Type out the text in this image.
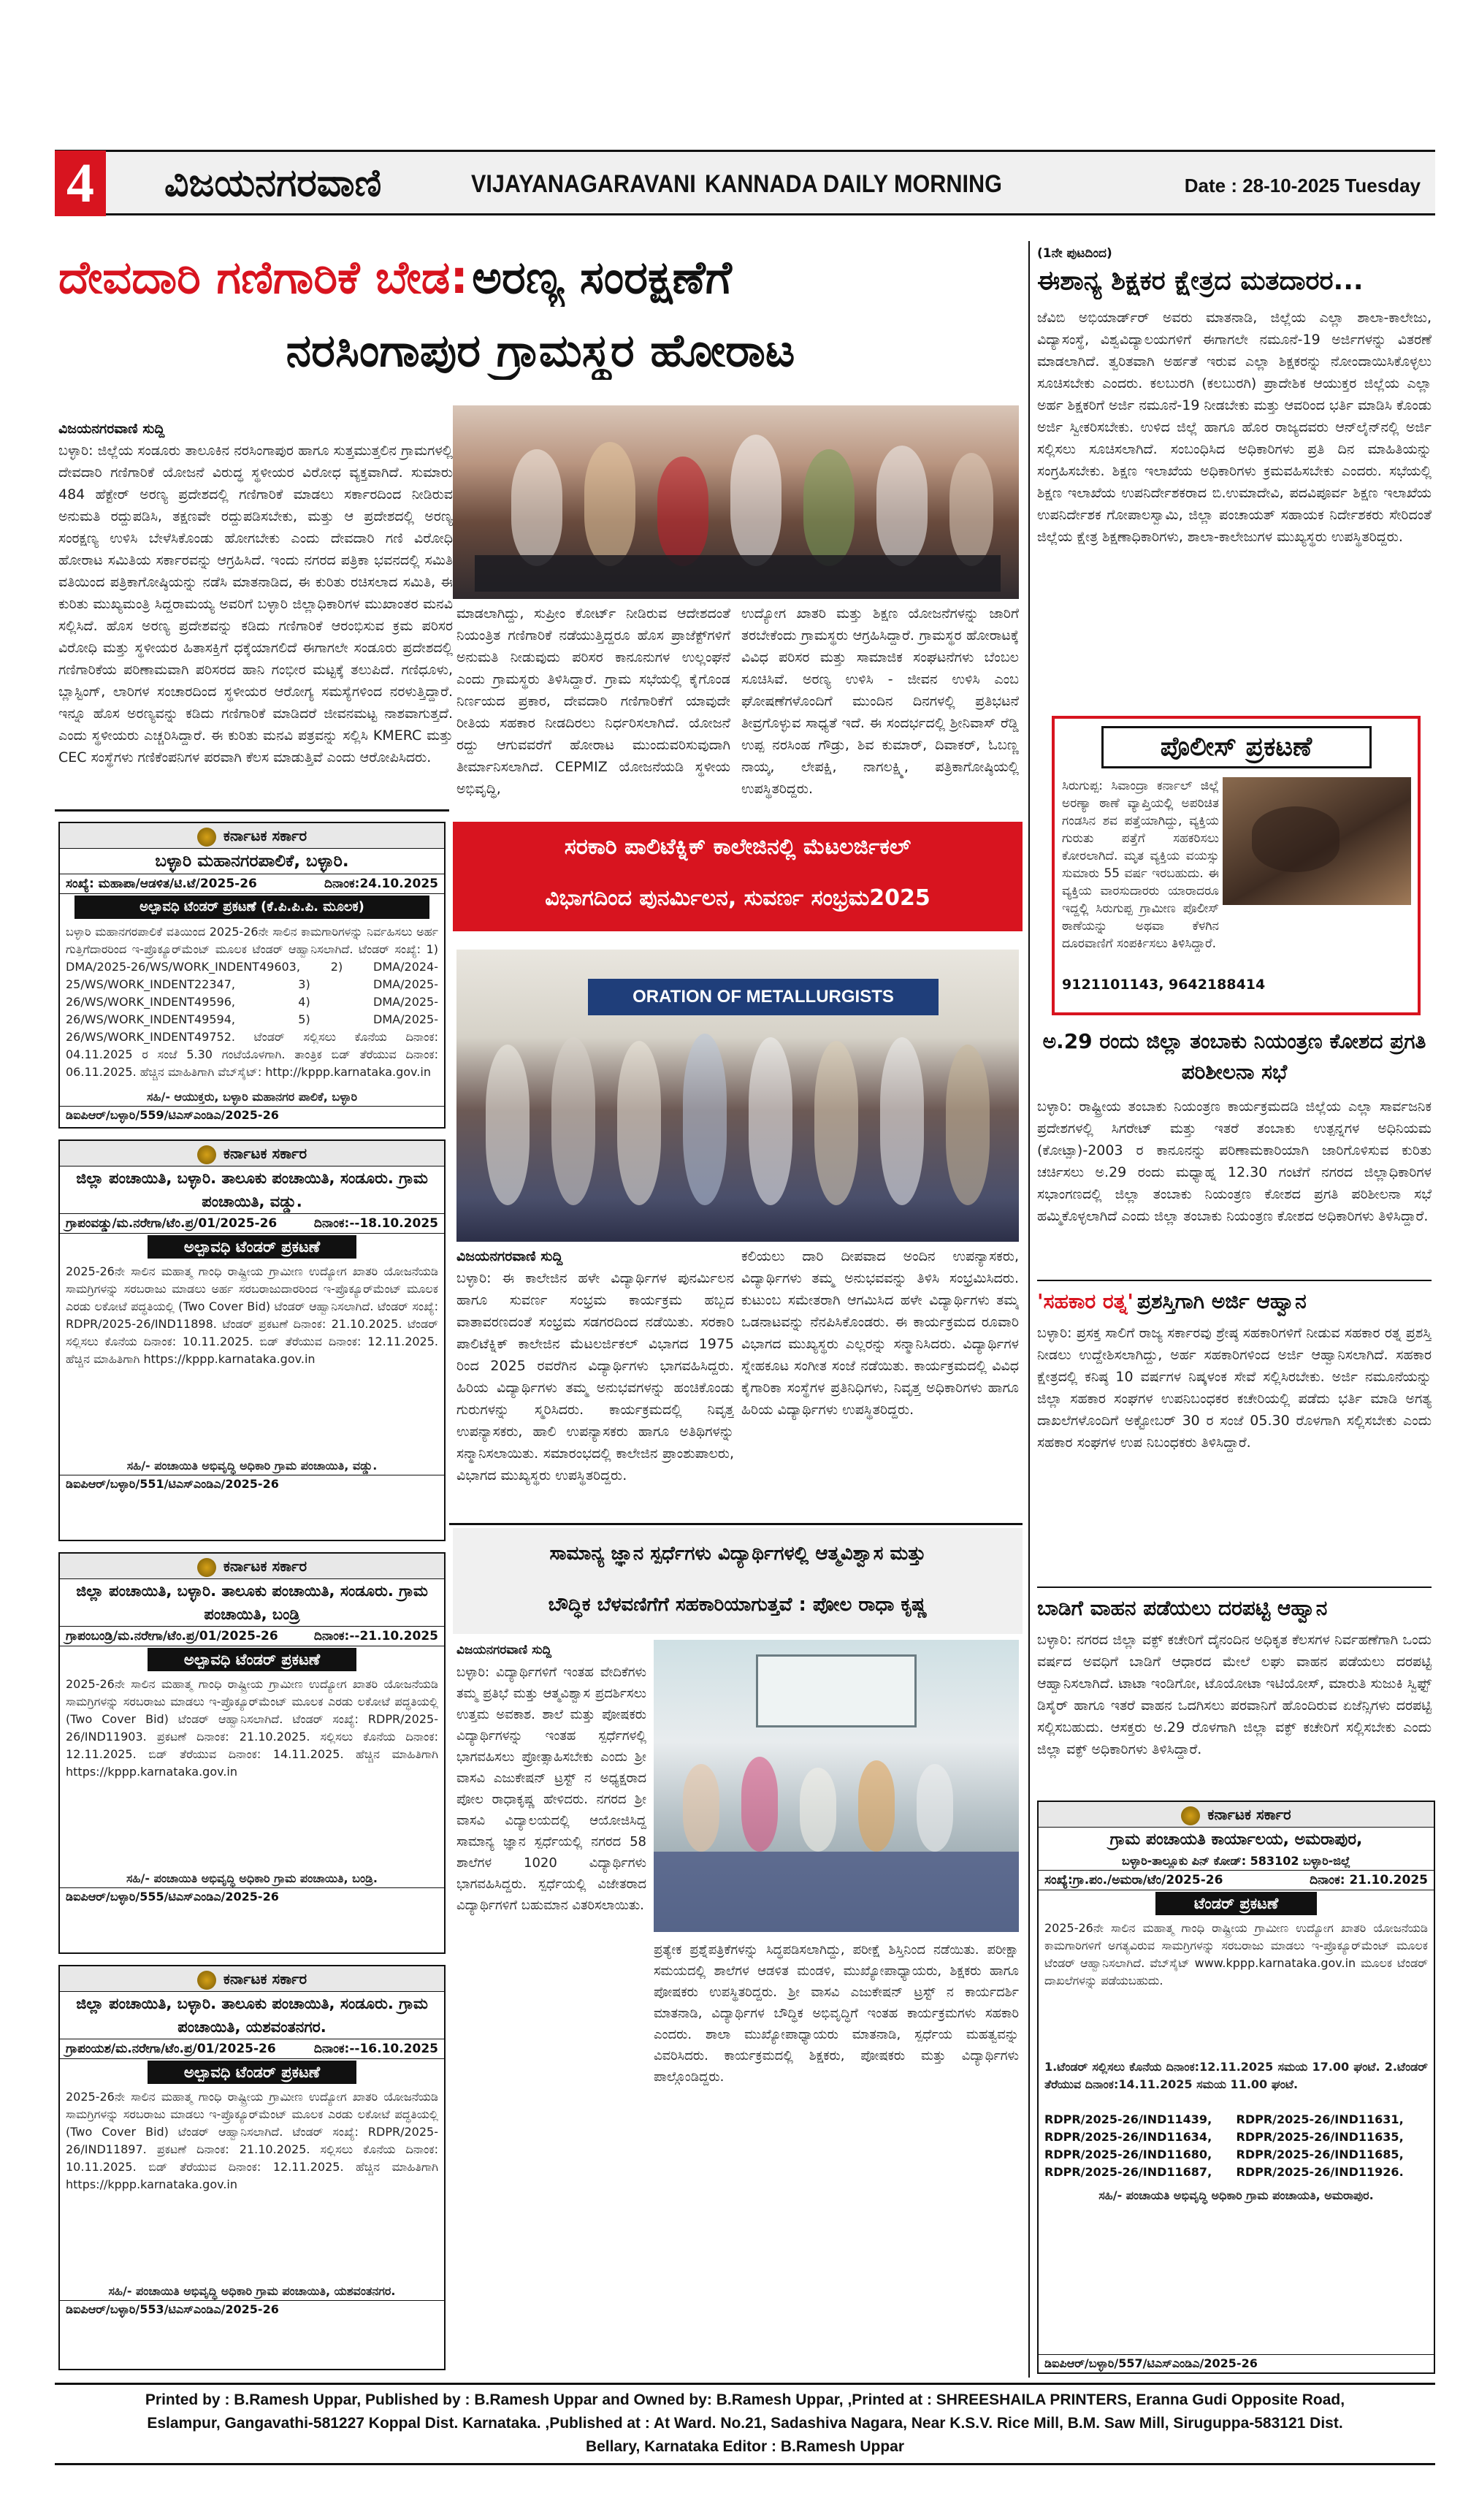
4	ವಿಜಯನಗರವಾಣಿ	VIJAYANAGARAVANI KANNADA DAILY MORNING	Date : 28-10-2025 Tuesday
ದೇವದಾರಿ ಗಣಿಗಾರಿಕೆ ಬೇಡ: ಅರಣ್ಯ ಸಂರಕ್ಷಣೆಗೆ
ನರಸಿಂಗಾಪುರ ಗ್ರಾಮಸ್ಥರ ಹೋರಾಟ
ವಿಜಯನಗರವಾಣಿ ಸುದ್ದಿ
ಬಳ್ಳಾರಿ: ಜಿಲ್ಲೆಯ ಸಂಡೂರು ತಾಲೂಕಿನ ನರಸಿಂಗಾಪುರ ಹಾಗೂ ಸುತ್ತಮುತ್ತಲಿನ ಗ್ರಾಮಗಳಲ್ಲಿ ದೇವದಾರಿ ಗಣಿಗಾರಿಕೆ ಯೋಜನೆ ವಿರುದ್ಧ ಸ್ಥಳೀಯರ ವಿರೋಧ ವ್ಯಕ್ತವಾಗಿದೆ. ಸುಮಾರು 484 ಹೆಕ್ಟೇರ್ ಅರಣ್ಯ ಪ್ರದೇಶದಲ್ಲಿ ಗಣಿಗಾರಿಕೆ ಮಾಡಲು ಸರ್ಕಾರದಿಂದ ನೀಡಿರುವ ಅನುಮತಿ ರದ್ದುಪಡಿಸಿ, ತಕ್ಷಣವೇ ರದ್ದುಪಡಿಸಬೇಕು, ಮತ್ತು ಆ ಪ್ರದೇಶದಲ್ಲಿ ಅರಣ್ಯ ಸಂರಕ್ಷಣ್ಯ ಉಳಿಸಿ ಬೇಳೆಸಿಕೊಂಡು ಹೋಗಬೇಕು ಎಂದು ದೇವದಾರಿ ಗಣಿ ವಿರೋಧಿ ಹೋರಾಟ ಸಮಿತಿಯ ಸರ್ಕಾರವನ್ನು ಆಗ್ರಹಿಸಿದೆ. ಇಂದು ನಗರದ ಪತ್ರಿಕಾ ಭವನದಲ್ಲಿ ಸಮಿತಿ ವತಿಯಿಂದ ಪತ್ರಿಕಾಗೋಷ್ಠಿಯನ್ನು ನಡೆಸಿ ಮಾತನಾಡಿದ, ಈ ಕುರಿತು ರಚಿಸಲಾದ ಸಮಿತಿ, ಈ ಕುರಿತು ಮುಖ್ಯಮಂತ್ರಿ ಸಿದ್ದರಾಮಯ್ಯ ಅವರಿಗೆ ಬಳ್ಳಾರಿ ಜಿಲ್ಲಾಧಿಕಾರಿಗಳ ಮುಖಾಂತರ ಮನವಿ ಸಲ್ಲಿಸಿದೆ. ಹೊಸ ಅರಣ್ಯ ಪ್ರದೇಶವನ್ನು ಕಡಿದು ಗಣಿಗಾರಿಕೆ ಆರಂಭಿಸುವ ಕ್ರಮ ಪರಿಸರ ವಿರೋಧಿ ಮತ್ತು ಸ್ಥಳೀಯರ ಹಿತಾಸಕ್ತಿಗೆ ಧಕ್ಕೆಯಾಗಲಿದೆ ಈಗಾಗಲೇ ಸಂಡೂರು ಪ್ರದೇಶದಲ್ಲಿ ಗಣಿಗಾರಿಕೆಯ ಪರಿಣಾಮವಾಗಿ ಪರಿಸರದ ಹಾನಿ ಗಂಭೀರ ಮಟ್ಟಕ್ಕೆ ತಲುಪಿದೆ. ಗಣಿಧೂಳು, ಬ್ಲಾಸ್ಟಿಂಗ್, ಲಾರಿಗಳ ಸಂಚಾರದಿಂದ ಸ್ಥಳೀಯರ ಆರೋಗ್ಯ ಸಮಸ್ಯೆಗಳಿಂದ ನರಳುತ್ತಿದ್ದಾರೆ. ಇನ್ನೂ ಹೊಸ ಅರಣ್ಯವನ್ನು ಕಡಿದು ಗಣಿಗಾರಿಕೆ ಮಾಡಿದರೆ ಜೀವನಮಟ್ಟ ನಾಶವಾಗುತ್ತದೆ. ಎಂದು ಸ್ಥಳೀಯರು ಎಚ್ಚರಿಸಿದ್ದಾರೆ. ಈ ಕುರಿತು ಮನವಿ ಪತ್ರವನ್ನು ಸಲ್ಲಿಸಿ KMERC ಮತ್ತು CEC ಸಂಸ್ಥೆಗಳು ಗಣಿಕೆಂಪನಿಗಳ ಪರವಾಗಿ ಕೆಲಸ ಮಾಡುತ್ತಿವೆ ಎಂದು ಆರೋಪಿಸಿದರು.
ಮಾಡಲಾಗಿದ್ದು, ಸುಪ್ರೀಂ ಕೋರ್ಟ್ ನೀಡಿರುವ ಆದೇಶದಂತೆ ನಿಯಂತ್ರಿತ ಗಣಿಗಾರಿಕೆ ನಡೆಯುತ್ತಿದ್ದರೂ ಹೊಸ ಪ್ರಾಜೆಕ್ಟ್‌ಗಳಿಗೆ ಅನುಮತಿ ನೀಡುವುದು ಪರಿಸರ ಕಾನೂನುಗಳ ಉಲ್ಲಂಘನೆ ಎಂದು ಗ್ರಾಮಸ್ಥರು ತಿಳಿಸಿದ್ದಾರೆ. ಗ್ರಾಮ ಸಭೆಯಲ್ಲಿ ಕೈಗೊಂಡ ನಿರ್ಣಯದ ಪ್ರಕಾರ, ದೇವದಾರಿ ಗಣಿಗಾರಿಕೆಗೆ ಯಾವುದೇ ರೀತಿಯ ಸಹಕಾರ ನೀಡದಿರಲು ನಿರ್ಧರಿಸಲಾಗಿದೆ. ಯೋಜನೆ ರದ್ದು ಆಗುವವರೆಗೆ ಹೋರಾಟ ಮುಂದುವರಿಸುವುದಾಗಿ ತೀರ್ಮಾನಿಸಲಾಗಿದೆ. CEPMIZ ಯೋಜನೆಯಡಿ ಸ್ಥಳೀಯ ಅಭಿವೃದ್ಧಿ,
ಉದ್ಯೋಗ ಖಾತರಿ ಮತ್ತು ಶಿಕ್ಷಣ ಯೋಜನೆಗಳನ್ನು ಜಾರಿಗೆ ತರಬೇಕೆಂದು ಗ್ರಾಮಸ್ಥರು ಆಗ್ರಹಿಸಿದ್ದಾರೆ. ಗ್ರಾಮಸ್ಥರ ಹೋರಾಟಕ್ಕೆ ವಿವಿಧ ಪರಿಸರ ಮತ್ತು ಸಾಮಾಜಿಕ ಸಂಘಟನೆಗಳು ಬೆಂಬಲ ಸೂಚಿಸಿವೆ. ಅರಣ್ಯ ಉಳಿಸಿ - ಜೀವನ ಉಳಿಸಿ ಎಂಬ ಘೋಷಣೆಗಳೊಂದಿಗೆ ಮುಂದಿನ ದಿನಗಳಲ್ಲಿ ಪ್ರತಿಭಟನೆ ತೀವ್ರಗೊಳ್ಳುವ ಸಾಧ್ಯತೆ ಇದೆ. ಈ ಸಂದರ್ಭದಲ್ಲಿ ಶ್ರೀನಿವಾಸ್ ರೆಡ್ಡಿ ಉಪ್ಪ ನರಸಿಂಹ ಗೌಡ್ರು, ಶಿವ ಕುಮಾರ್, ದಿವಾಕರ್, ಓಬಣ್ಣ ನಾಯ್ಕ, ಲೇಪಕ್ಷಿ, ನಾಗಲಕ್ಷ್ಮಿ, ಪತ್ರಿಕಾಗೋಷ್ಠಿಯಲ್ಲಿ ಉಪಸ್ಥಿತರಿದ್ದರು.
(1ನೇ ಪುಟದಿಂದ)
ಈಶಾನ್ಯ ಶಿಕ್ಷಕರ ಕ್ಷೇತ್ರದ ಮತದಾರರ...
ಜೆವಿಬಿ ಅಭಿಯಾರ್ಡ್‌ರ್ ಅವರು ಮಾತನಾಡಿ, ಜಿಲ್ಲೆಯ ಎಲ್ಲಾ ಶಾಲಾ-ಕಾಲೇಜು, ವಿದ್ಯಾಸಂಸ್ಥೆ, ವಿಶ್ವವಿದ್ಯಾಲಯಗಳಿಗೆ ಈಗಾಗಲೇ ನಮೂನೆ-19 ಅರ್ಜಿಗಳನ್ನು ವಿತರಣೆ ಮಾಡಲಾಗಿದೆ. ತ್ವರಿತವಾಗಿ ಅರ್ಹತೆ ಇರುವ ಎಲ್ಲಾ ಶಿಕ್ಷಕರನ್ನು ನೋಂದಾಯಿಸಿಕೊಳ್ಳಲು ಸೂಚಿಸಬೇಕು ಎಂದರು. ಕಲಬುರಗಿ (ಕಲಬುರಗಿ) ಪ್ರಾದೇಶಿಕ ಆಯುಕ್ತರ ಜಿಲ್ಲೆಯ ಎಲ್ಲಾ ಅರ್ಹ ಶಿಕ್ಷಕರಿಗೆ ಅರ್ಜಿ ನಮೂನೆ-19 ನೀಡಬೇಕು ಮತ್ತು ಆವರಿಂದ ಭರ್ತಿ ಮಾಡಿಸಿ ಕೊಂಡು ಅರ್ಜಿ ಸ್ವೀಕರಿಸಬೇಕು. ಉಳಿದ ಜಿಲ್ಲೆ ಹಾಗೂ ಹೊರ ರಾಜ್ಯದವರು ಆನ್‌ಲೈನ್‌ನಲ್ಲಿ ಅರ್ಜಿ ಸಲ್ಲಿಸಲು ಸೂಚಿಸಲಾಗಿದೆ. ಸಂಬಂಧಿಸಿದ ಅಧಿಕಾರಿಗಳು ಪ್ರತಿ ದಿನ ಮಾಹಿತಿಯನ್ನು ಸಂಗ್ರಹಿಸಬೇಕು. ಶಿಕ್ಷಣ ಇಲಾಖೆಯ ಅಧಿಕಾರಿಗಳು ಕ್ರಮವಹಿಸಬೇಕು ಎಂದರು. ಸಭೆಯಲ್ಲಿ ಶಿಕ್ಷಣ ಇಲಾಖೆಯ ಉಪನಿರ್ದೇಶಕರಾದ ಬಿ.ಉಮಾದೇವಿ, ಪದವಿಪೂರ್ವ ಶಿಕ್ಷಣ ಇಲಾಖೆಯ ಉಪನಿರ್ದೇಶಕ ಗೋಪಾಲಸ್ವಾಮಿ, ಜಿಲ್ಲಾ ಪಂಚಾಯತ್ ಸಹಾಯಕ ನಿರ್ದೇಶಕರು ಸೇರಿದಂತೆ ಜಿಲ್ಲೆಯ ಕ್ಷೇತ್ರ ಶಿಕ್ಷಣಾಧಿಕಾರಿಗಳು, ಶಾಲಾ-ಕಾಲೇಜುಗಳ ಮುಖ್ಯಸ್ಥರು ಉಪಸ್ಥಿತರಿದ್ದರು.
ಪೊಲೀಸ್ ಪ್ರಕಟಣೆ
ಸಿರುಗುಪ್ಪ: ಸಿವಾಂದ್ರಾ ಕರ್ನಾಲ್ ಜಿಲ್ಲೆ ಅರಣ್ಯಾ ಠಾಣೆ ವ್ಯಾಪ್ತಿಯಲ್ಲಿ ಅಪರಿಚಿತ ಗಂಡಸಿನ ಶವ ಪತ್ತೆಯಾಗಿದ್ದು, ವ್ಯಕ್ತಿಯ ಗುರುತು ಪತ್ತೆಗೆ ಸಹಕರಿಸಲು ಕೋರಲಾಗಿದೆ. ಮೃತ ವ್ಯಕ್ತಿಯ ವಯಸ್ಸು ಸುಮಾರು 55 ವರ್ಷ ಇರಬಹುದು. ಈ ವ್ಯಕ್ತಿಯ ವಾರಸುದಾರರು ಯಾರಾದರೂ ಇದ್ದಲ್ಲಿ ಸಿರುಗುಪ್ಪ ಗ್ರಾಮೀಣ ಪೊಲೀಸ್ ಠಾಣೆಯನ್ನು ಅಥವಾ ಕೆಳಗಿನ ದೂರವಾಣಿಗೆ ಸಂಪರ್ಕಿಸಲು ತಿಳಿಸಿದ್ದಾರೆ.
9121101143, 9642188414
ಅ.29 ರಂದು ಜಿಲ್ಲಾ ತಂಬಾಕು ನಿಯಂತ್ರಣ ಕೋಶದ ಪ್ರಗತಿ ಪರಿಶೀಲನಾ ಸಭೆ
ಬಳ್ಳಾರಿ: ರಾಷ್ಟ್ರೀಯ ತಂಬಾಕು ನಿಯಂತ್ರಣ ಕಾರ್ಯಕ್ರಮದಡಿ ಜಿಲ್ಲೆಯ ಎಲ್ಲಾ ಸಾರ್ವಜನಿಕ ಪ್ರದೇಶಗಳಲ್ಲಿ ಸಿಗರೇಟ್ ಮತ್ತು ಇತರೆ ತಂಬಾಕು ಉತ್ಪನ್ನಗಳ ಅಧಿನಿಯಮ (ಕೋಟ್ಪಾ)-2003 ರ ಕಾನೂನನ್ನು ಪರಿಣಾಮಕಾರಿಯಾಗಿ ಜಾರಿಗೊಳಿಸುವ ಕುರಿತು ಚರ್ಚಿಸಲು ಅ.29 ರಂದು ಮಧ್ಯಾಹ್ನ 12.30 ಗಂಟೆಗೆ ನಗರದ ಜಿಲ್ಲಾಧಿಕಾರಿಗಳ ಸಭಾಂಗಣದಲ್ಲಿ ಜಿಲ್ಲಾ ತಂಬಾಕು ನಿಯಂತ್ರಣ ಕೋಶದ ಪ್ರಗತಿ ಪರಿಶೀಲನಾ ಸಭೆ ಹಮ್ಮಿಕೊಳ್ಳಲಾಗಿದೆ ಎಂದು ಜಿಲ್ಲಾ ತಂಬಾಕು ನಿಯಂತ್ರಣ ಕೋಶದ ಅಧಿಕಾರಿಗಳು ತಿಳಿಸಿದ್ದಾರೆ.
'ಸಹಕಾರ ರತ್ನ' ಪ್ರಶಸ್ತಿಗಾಗಿ ಅರ್ಜಿ ಆಹ್ವಾನ
ಬಳ್ಳಾರಿ: ಪ್ರಸಕ್ತ ಸಾಲಿಗೆ ರಾಜ್ಯ ಸರ್ಕಾರವು ಶ್ರೇಷ್ಠ ಸಹಕಾರಿಗಳಿಗೆ ನೀಡುವ ಸಹಕಾರ ರತ್ನ ಪ್ರಶಸ್ತಿ ನೀಡಲು ಉದ್ದೇಶಿಸಲಾಗಿದ್ದು, ಅರ್ಹ ಸಹಕಾರಿಗಳಿಂದ ಅರ್ಜಿ ಆಹ್ವಾನಿಸಲಾಗಿದೆ. ಸಹಕಾರ ಕ್ಷೇತ್ರದಲ್ಲಿ ಕನಿಷ್ಠ 10 ವರ್ಷಗಳ ನಿಷ್ಕಳಂಕ ಸೇವೆ ಸಲ್ಲಿಸಿರಬೇಕು. ಅರ್ಜಿ ನಮೂನೆಯನ್ನು ಜಿಲ್ಲಾ ಸಹಕಾರ ಸಂಘಗಳ ಉಪನಿಬಂಧಕರ ಕಚೇರಿಯಲ್ಲಿ ಪಡೆದು ಭರ್ತಿ ಮಾಡಿ ಅಗತ್ಯ ದಾಖಲೆಗಳೊಂದಿಗೆ ಅಕ್ಟೋಬರ್ 30 ರ ಸಂಜೆ 05.30 ರೊಳಗಾಗಿ ಸಲ್ಲಿಸಬೇಕು ಎಂದು ಸಹಕಾರ ಸಂಘಗಳ ಉಪ ನಿಬಂಧಕರು ತಿಳಿಸಿದ್ದಾರೆ.
ಬಾಡಿಗೆ ವಾಹನ ಪಡೆಯಲು ದರಪಟ್ಟಿ ಆಹ್ವಾನ
ಬಳ್ಳಾರಿ: ನಗರದ ಜಿಲ್ಲಾ ವಕ್ಫ್ ಕಚೇರಿಗೆ ದೈನಂದಿನ ಅಧಿಕೃತ ಕೆಲಸಗಳ ನಿರ್ವಹಣೆಗಾಗಿ ಒಂದು ವರ್ಷದ ಅವಧಿಗೆ ಬಾಡಿಗೆ ಆಧಾರದ ಮೇಲೆ ಲಘು ವಾಹನ ಪಡೆಯಲು ದರಪಟ್ಟಿ ಆಹ್ವಾನಿಸಲಾಗಿದೆ. ಟಾಟಾ ಇಂಡಿಗೋ, ಟೊಯೋಟಾ ಇಟಿಯೋಸ್, ಮಾರುತಿ ಸುಜುಕಿ ಸ್ವಿಫ್ಟ್ ಡಿಸೈರ್ ಹಾಗೂ ಇತರೆ ವಾಹನ ಒದಗಿಸಲು ಪರವಾನಿಗೆ ಹೊಂದಿರುವ ಏಜೆನ್ಸಿಗಳು ದರಪಟ್ಟಿ ಸಲ್ಲಿಸಬಹುದು. ಆಸಕ್ತರು ಅ.29 ರೊಳಗಾಗಿ ಜಿಲ್ಲಾ ವಕ್ಫ್ ಕಚೇರಿಗೆ ಸಲ್ಲಿಸಬೇಕು ಎಂದು ಜಿಲ್ಲಾ ವಕ್ಫ್ ಅಧಿಕಾರಿಗಳು ತಿಳಿಸಿದ್ದಾರೆ.
ಸರಕಾರಿ ಪಾಲಿಟೆಕ್ನಿಕ್ ಕಾಲೇಜಿನಲ್ಲಿ ಮೆಟಲರ್ಜಿಕಲ್
ವಿಭಾಗದಿಂದ ಪುನರ್ಮಿಲನ, ಸುವರ್ಣ ಸಂಭ್ರಮ2025
ORATION OF METALLURGISTS
ವಿಜಯನಗರವಾಣಿ ಸುದ್ದಿ
ಬಳ್ಳಾರಿ: ಈ ಕಾಲೇಜಿನ ಹಳೇ ವಿದ್ಯಾರ್ಥಿಗಳ ಪುನರ್ಮಿಲನ ಹಾಗೂ ಸುವರ್ಣ ಸಂಭ್ರಮ ಕಾರ್ಯಕ್ರಮ ಹಬ್ಬದ ವಾತಾವರಣದಂತೆ ಸಂಭ್ರಮ ಸಡಗರದಿಂದ ನಡೆಯಿತು. ಸರಕಾರಿ ಪಾಲಿಟೆಕ್ನಿಕ್ ಕಾಲೇಜಿನ ಮೆಟಲರ್ಜಿಕಲ್ ವಿಭಾಗದ 1975 ರಿಂದ 2025 ರವರೆಗಿನ ವಿದ್ಯಾರ್ಥಿಗಳು ಭಾಗವಹಿಸಿದ್ದರು. ಹಿರಿಯ ವಿದ್ಯಾರ್ಥಿಗಳು ತಮ್ಮ ಅನುಭವಗಳನ್ನು ಹಂಚಿಕೊಂಡು ಗುರುಗಳನ್ನು ಸ್ಮರಿಸಿದರು. ಕಾರ್ಯಕ್ರಮದಲ್ಲಿ ನಿವೃತ್ತ ಉಪನ್ಯಾಸಕರು, ಹಾಲಿ ಉಪನ್ಯಾಸಕರು ಹಾಗೂ ಅತಿಥಿಗಳನ್ನು ಸನ್ಮಾನಿಸಲಾಯಿತು. ಸಮಾರಂಭದಲ್ಲಿ ಕಾಲೇಜಿನ ಪ್ರಾಂಶುಪಾಲರು, ವಿಭಾಗದ ಮುಖ್ಯಸ್ಥರು ಉಪಸ್ಥಿತರಿದ್ದರು.
ಕಲಿಯಲು ದಾರಿ ದೀಪವಾದ ಅಂದಿನ ಉಪನ್ಯಾಸಕರು, ವಿದ್ಯಾರ್ಥಿಗಳು ತಮ್ಮ ಅನುಭವವನ್ನು ತಿಳಿಸಿ ಸಂಭ್ರಮಿಸಿದರು. ಕುಟುಂಬ ಸಮೇತರಾಗಿ ಆಗಮಿಸಿದ ಹಳೇ ವಿದ್ಯಾರ್ಥಿಗಳು ತಮ್ಮ ಒಡನಾಟವನ್ನು ನೆನಪಿಸಿಕೊಂಡರು. ಈ ಕಾರ್ಯಕ್ರಮದ ರೂವಾರಿ ವಿಭಾಗದ ಮುಖ್ಯಸ್ಥರು ಎಲ್ಲರನ್ನು ಸನ್ಮಾನಿಸಿದರು. ವಿದ್ಯಾರ್ಥಿಗಳ ಸ್ನೇಹಕೂಟ ಸಂಗೀತ ಸಂಜೆ ನಡೆಯಿತು. ಕಾರ್ಯಕ್ರಮದಲ್ಲಿ ವಿವಿಧ ಕೈಗಾರಿಕಾ ಸಂಸ್ಥೆಗಳ ಪ್ರತಿನಿಧಿಗಳು, ನಿವೃತ್ತ ಅಧಿಕಾರಿಗಳು ಹಾಗೂ ಹಿರಿಯ ವಿದ್ಯಾರ್ಥಿಗಳು ಉಪಸ್ಥಿತರಿದ್ದರು.
ಸಾಮಾನ್ಯ ಜ್ಞಾನ ಸ್ಪರ್ಧೆಗಳು ವಿದ್ಯಾರ್ಥಿಗಳಲ್ಲಿ ಆತ್ಮವಿಶ್ವಾಸ ಮತ್ತು
ಬೌದ್ಧಿಕ ಬೆಳವಣಿಗೆಗೆ ಸಹಕಾರಿಯಾಗುತ್ತವೆ : ಪೋಲ ರಾಧಾ ಕೃಷ್ಣ
ವಿಜಯನಗರವಾಣಿ ಸುದ್ದಿ
ಬಳ್ಳಾರಿ: ವಿದ್ಯಾರ್ಥಿಗಳಿಗೆ ಇಂತಹ ವೇದಿಕೆಗಳು ತಮ್ಮ ಪ್ರತಿಭೆ ಮತ್ತು ಆತ್ಮವಿಶ್ವಾಸ ಪ್ರದರ್ಶಿಸಲು ಉತ್ತಮ ಅವಕಾಶ. ಶಾಲೆ ಮತ್ತು ಪೋಷಕರು ವಿದ್ಯಾರ್ಥಿಗಳನ್ನು ಇಂತಹ ಸ್ಪರ್ಧೆಗಳಲ್ಲಿ ಭಾಗವಹಿಸಲು ಪ್ರೋತ್ಸಾಹಿಸಬೇಕು ಎಂದು ಶ್ರೀ ವಾಸವಿ ಎಜುಕೇಷನ್ ಟ್ರಸ್ಟ್ ನ ಅಧ್ಯಕ್ಷರಾದ ಪೋಲ ರಾಧಾಕೃಷ್ಣ ಹೇಳಿದರು. ನಗರದ ಶ್ರೀ ವಾಸವಿ ವಿದ್ಯಾಲಯದಲ್ಲಿ ಆಯೋಜಿಸಿದ್ದ ಸಾಮಾನ್ಯ ಜ್ಞಾನ ಸ್ಪರ್ಧೆಯಲ್ಲಿ ನಗರದ 58 ಶಾಲೆಗಳ 1020 ವಿದ್ಯಾರ್ಥಿಗಳು ಭಾಗವಹಿಸಿದ್ದರು. ಸ್ಪರ್ಧೆಯಲ್ಲಿ ವಿಜೇತರಾದ ವಿದ್ಯಾರ್ಥಿಗಳಿಗೆ ಬಹುಮಾನ ವಿತರಿಸಲಾಯಿತು.
ಪ್ರತ್ಯೇಕ ಪ್ರಶ್ನೆಪತ್ರಿಕೆಗಳನ್ನು ಸಿದ್ಧಪಡಿಸಲಾಗಿದ್ದು, ಪರೀಕ್ಷೆ ಶಿಸ್ತಿನಿಂದ ನಡೆಯಿತು. ಪರೀಕ್ಷಾ ಸಮಯದಲ್ಲಿ ಶಾಲೆಗಳ ಆಡಳಿತ ಮಂಡಳಿ, ಮುಖ್ಯೋಪಾಧ್ಯಾಯರು, ಶಿಕ್ಷಕರು ಹಾಗೂ ಪೋಷಕರು ಉಪಸ್ಥಿತರಿದ್ದರು. ಶ್ರೀ ವಾಸವಿ ಎಜುಕೇಷನ್ ಟ್ರಸ್ಟ್ ನ ಕಾರ್ಯದರ್ಶಿ ಮಾತನಾಡಿ, ವಿದ್ಯಾರ್ಥಿಗಳ ಬೌದ್ಧಿಕ ಅಭಿವೃದ್ಧಿಗೆ ಇಂತಹ ಕಾರ್ಯಕ್ರಮಗಳು ಸಹಕಾರಿ ಎಂದರು. ಶಾಲಾ ಮುಖ್ಯೋಪಾಧ್ಯಾಯರು ಮಾತನಾಡಿ, ಸ್ಪರ್ಧೆಯ ಮಹತ್ವವನ್ನು ವಿವರಿಸಿದರು. ಕಾರ್ಯಕ್ರಮದಲ್ಲಿ ಶಿಕ್ಷಕರು, ಪೋಷಕರು ಮತ್ತು ವಿದ್ಯಾರ್ಥಿಗಳು ಪಾಲ್ಗೊಂಡಿದ್ದರು.
ಕರ್ನಾಟಕ ಸರ್ಕಾರ
ಬಳ್ಳಾರಿ ಮಹಾನಗರಪಾಲಿಕೆ, ಬಳ್ಳಾರಿ.
ಸಂಖ್ಯೆ: ಮಹಾಪಾ/ಆಡಳಿತ/ಟಿ.ಟೆ/2025-26	ದಿನಾಂಕ:24.10.2025
ಅಲ್ಪಾವಧಿ ಟೆಂಡರ್ ಪ್ರಕಟಣೆ (ಕೆ.ಪಿ.ಪಿ.ಪಿ. ಮೂಲಕ)
ಬಳ್ಳಾರಿ ಮಹಾನಗರಪಾಲಿಕೆ ವತಿಯಿಂದ 2025-26ನೇ ಸಾಲಿನ ಕಾಮಗಾರಿಗಳನ್ನು ನಿರ್ವಹಿಸಲು ಅರ್ಹ ಗುತ್ತಿಗೆದಾರರಿಂದ ಇ-ಪ್ರೊಕ್ಯೂರ್‌ಮೆಂಟ್ ಮೂಲಕ ಟೆಂಡರ್ ಆಹ್ವಾನಿಸಲಾಗಿದೆ. ಟೆಂಡರ್ ಸಂಖ್ಯೆ: 1) DMA/2025-26/WS/WORK_INDENT49603, 2) DMA/2024-25/WS/WORK_INDENT22347, 3) DMA/2025-26/WS/WORK_INDENT49596, 4) DMA/2025-26/WS/WORK_INDENT49594, 5) DMA/2025-26/WS/WORK_INDENT49752. ಟೆಂಡರ್ ಸಲ್ಲಿಸಲು ಕೊನೆಯ ದಿನಾಂಕ: 04.11.2025 ರ ಸಂಜೆ 5.30 ಗಂಟೆಯೊಳಗಾಗಿ. ತಾಂತ್ರಿಕ ಬಿಡ್ ತೆರೆಯುವ ದಿನಾಂಕ: 06.11.2025. ಹೆಚ್ಚಿನ ಮಾಹಿತಿಗಾಗಿ ವೆಬ್‌ಸೈಟ್: http://kppp.karnataka.gov.in
ಸಹಿ/- ಆಯುಕ್ತರು, ಬಳ್ಳಾರಿ ಮಹಾನಗರ ಪಾಲಿಕೆ, ಬಳ್ಳಾರಿ
ಡಿಐಪಿಆರ್/ಬಳ್ಳಾರಿ/559/ಟಿಎಸ್‌ಎಂಡಿಎ/2025-26
ಕರ್ನಾಟಕ ಸರ್ಕಾರ
ಜಿಲ್ಲಾ ಪಂಚಾಯಿತಿ, ಬಳ್ಳಾರಿ. ತಾಲೂಕು ಪಂಚಾಯಿತಿ, ಸಂಡೂರು. ಗ್ರಾಮ ಪಂಚಾಯಿತಿ, ವಡ್ಡು.
ಗ್ರಾಪಂವಡ್ಡು/ಮ.ನರೇಗಾ/ಟೆಂ.ಪ್ರ/01/2025-26	ದಿನಾಂಕ:--18.10.2025
ಅಲ್ಪಾವಧಿ ಟೆಂಡರ್ ಪ್ರಕಟಣೆ
2025-26ನೇ ಸಾಲಿನ ಮಹಾತ್ಮ ಗಾಂಧಿ ರಾಷ್ಟ್ರೀಯ ಗ್ರಾಮೀಣ ಉದ್ಯೋಗ ಖಾತರಿ ಯೋಜನೆಯಡಿ ಸಾಮಗ್ರಿಗಳನ್ನು ಸರಬರಾಜು ಮಾಡಲು ಅರ್ಹ ಸರಬರಾಜುದಾರರಿಂದ ಇ-ಪ್ರೊಕ್ಯೂರ್‌ಮೆಂಟ್ ಮೂಲಕ ಎರಡು ಲಕೋಟೆ ಪದ್ಧತಿಯಲ್ಲಿ (Two Cover Bid) ಟೆಂಡರ್ ಆಹ್ವಾನಿಸಲಾಗಿದೆ. ಟೆಂಡರ್ ಸಂಖ್ಯೆ: RDPR/2025-26/IND11898. ಟೆಂಡರ್ ಪ್ರಕಟಣೆ ದಿನಾಂಕ: 21.10.2025. ಟೆಂಡರ್ ಸಲ್ಲಿಸಲು ಕೊನೆಯ ದಿನಾಂಕ: 10.11.2025. ಬಿಡ್ ತೆರೆಯುವ ದಿನಾಂಕ: 12.11.2025. ಹೆಚ್ಚಿನ ಮಾಹಿತಿಗಾಗಿ https://kppp.karnataka.gov.in
ಸಹಿ/- ಪಂಚಾಯಿತಿ ಅಭಿವೃದ್ಧಿ ಅಧಿಕಾರಿ ಗ್ರಾಮ ಪಂಚಾಯಿತಿ, ವಡ್ಡು.
ಡಿಐಪಿಆರ್/ಬಳ್ಳಾರಿ/551/ಟಿಎಸ್‌ಎಂಡಿಎ/2025-26
ಕರ್ನಾಟಕ ಸರ್ಕಾರ
ಜಿಲ್ಲಾ ಪಂಚಾಯಿತಿ, ಬಳ್ಳಾರಿ. ತಾಲೂಕು ಪಂಚಾಯಿತಿ, ಸಂಡೂರು. ಗ್ರಾಮ ಪಂಚಾಯಿತಿ, ಬಂಡ್ರಿ
ಗ್ರಾಪಂಬಂಡ್ರಿ/ಮ.ನರೇಗಾ/ಟೆಂ.ಪ್ರ/01/2025-26	ದಿನಾಂಕ:--21.10.2025
ಅಲ್ಪಾವಧಿ ಟೆಂಡರ್ ಪ್ರಕಟಣೆ
2025-26ನೇ ಸಾಲಿನ ಮಹಾತ್ಮ ಗಾಂಧಿ ರಾಷ್ಟ್ರೀಯ ಗ್ರಾಮೀಣ ಉದ್ಯೋಗ ಖಾತರಿ ಯೋಜನೆಯಡಿ ಸಾಮಗ್ರಿಗಳನ್ನು ಸರಬರಾಜು ಮಾಡಲು ಇ-ಪ್ರೊಕ್ಯೂರ್‌ಮೆಂಟ್ ಮೂಲಕ ಎರಡು ಲಕೋಟೆ ಪದ್ಧತಿಯಲ್ಲಿ (Two Cover Bid) ಟೆಂಡರ್ ಆಹ್ವಾನಿಸಲಾಗಿದೆ. ಟೆಂಡರ್ ಸಂಖ್ಯೆ: RDPR/2025-26/IND11903. ಪ್ರಕಟಣೆ ದಿನಾಂಕ: 21.10.2025. ಸಲ್ಲಿಸಲು ಕೊನೆಯ ದಿನಾಂಕ: 12.11.2025. ಬಿಡ್ ತೆರೆಯುವ ದಿನಾಂಕ: 14.11.2025. ಹೆಚ್ಚಿನ ಮಾಹಿತಿಗಾಗಿ https://kppp.karnataka.gov.in
ಸಹಿ/- ಪಂಚಾಯಿತಿ ಅಭಿವೃದ್ಧಿ ಅಧಿಕಾರಿ ಗ್ರಾಮ ಪಂಚಾಯಿತಿ, ಬಂಡ್ರಿ.
ಡಿಐಪಿಆರ್/ಬಳ್ಳಾರಿ/555/ಟಿಎಸ್‌ಎಂಡಿಎ/2025-26
ಕರ್ನಾಟಕ ಸರ್ಕಾರ
ಜಿಲ್ಲಾ ಪಂಚಾಯಿತಿ, ಬಳ್ಳಾರಿ. ತಾಲೂಕು ಪಂಚಾಯಿತಿ, ಸಂಡೂರು. ಗ್ರಾಮ ಪಂಚಾಯಿತಿ, ಯಶವಂತನಗರ.
ಗ್ರಾಪಂಯಶ/ಮ.ನರೇಗಾ/ಟೆಂ.ಪ್ರ/01/2025-26	ದಿನಾಂಕ:--16.10.2025
ಅಲ್ಪಾವಧಿ ಟೆಂಡರ್ ಪ್ರಕಟಣೆ
2025-26ನೇ ಸಾಲಿನ ಮಹಾತ್ಮ ಗಾಂಧಿ ರಾಷ್ಟ್ರೀಯ ಗ್ರಾಮೀಣ ಉದ್ಯೋಗ ಖಾತರಿ ಯೋಜನೆಯಡಿ ಸಾಮಗ್ರಿಗಳನ್ನು ಸರಬರಾಜು ಮಾಡಲು ಇ-ಪ್ರೊಕ್ಯೂರ್‌ಮೆಂಟ್ ಮೂಲಕ ಎರಡು ಲಕೋಟೆ ಪದ್ಧತಿಯಲ್ಲಿ (Two Cover Bid) ಟೆಂಡರ್ ಆಹ್ವಾನಿಸಲಾಗಿದೆ. ಟೆಂಡರ್ ಸಂಖ್ಯೆ: RDPR/2025-26/IND11897. ಪ್ರಕಟಣೆ ದಿನಾಂಕ: 21.10.2025. ಸಲ್ಲಿಸಲು ಕೊನೆಯ ದಿನಾಂಕ: 10.11.2025. ಬಿಡ್ ತೆರೆಯುವ ದಿನಾಂಕ: 12.11.2025. ಹೆಚ್ಚಿನ ಮಾಹಿತಿಗಾಗಿ https://kppp.karnataka.gov.in
ಸಹಿ/- ಪಂಚಾಯಿತಿ ಅಭಿವೃದ್ಧಿ ಅಧಿಕಾರಿ ಗ್ರಾಮ ಪಂಚಾಯಿತಿ, ಯಶವಂತನಗರ.
ಡಿಐಪಿಆರ್/ಬಳ್ಳಾರಿ/553/ಟಿಎಸ್‌ಎಂಡಿಎ/2025-26
ಕರ್ನಾಟಕ ಸರ್ಕಾರ
ಗ್ರಾಮ ಪಂಚಾಯತಿ ಕಾರ್ಯಾಲಯ, ಅಮರಾಪುರ,
ಬಳ್ಳಾರಿ-ತಾಲ್ಲೂಕು ಪಿನ್ ಕೋಡ್: 583102 ಬಳ್ಳಾರಿ-ಜಿಲ್ಲೆ
ಸಂಖ್ಯೆ:ಗ್ರಾ.ಪಂ./ಅಮರಾ/ಟೆಂ/2025-26	ದಿನಾಂಕ: 21.10.2025
ಟೆಂಡರ್ ಪ್ರಕಟಣೆ
2025-26ನೇ ಸಾಲಿನ ಮಹಾತ್ಮ ಗಾಂಧಿ ರಾಷ್ಟ್ರೀಯ ಗ್ರಾಮೀಣ ಉದ್ಯೋಗ ಖಾತರಿ ಯೋಜನೆಯಡಿ ಕಾಮಗಾರಿಗಳಿಗೆ ಅಗತ್ಯವಿರುವ ಸಾಮಗ್ರಿಗಳನ್ನು ಸರಬರಾಜು ಮಾಡಲು ಇ-ಪ್ರೊಕ್ಯೂರ್‌ಮೆಂಟ್ ಮೂಲಕ ಟೆಂಡರ್ ಆಹ್ವಾನಿಸಲಾಗಿದೆ. ವೆಬ್‌ಸೈಟ್ www.kppp.karnataka.gov.in ಮೂಲಕ ಟೆಂಡರ್ ದಾಖಲೆಗಳನ್ನು ಪಡೆಯಬಹುದು.
1.ಟೆಂಡರ್ ಸಲ್ಲಿಸಲು ಕೊನೆಯ ದಿನಾಂಕ:12.11.2025 ಸಮಯ 17.00 ಘಂಟೆ. 2.ಟೆಂಡರ್ ತೆರೆಯುವ ದಿನಾಂಕ:14.11.2025 ಸಮಯ 11.00 ಘಂಟೆ.
RDPR/2025-26/IND11439,	RDPR/2025-26/IND11631,
RDPR/2025-26/IND11634,	RDPR/2025-26/IND11635,
RDPR/2025-26/IND11680,	RDPR/2025-26/IND11685,
RDPR/2025-26/IND11687,	RDPR/2025-26/IND11926.
ಸಹಿ/- ಪಂಚಾಯತಿ ಅಭಿವೃದ್ಧಿ ಅಧಿಕಾರಿ ಗ್ರಾಮ ಪಂಚಾಯತಿ, ಅಮರಾಪುರ.
ಡಿಐಪಿಆರ್/ಬಳ್ಳಾರಿ/557/ಟಿಎಸ್‌ಎಂಡಿಎ/2025-26
Printed by : B.Ramesh Uppar, Published by : B.Ramesh Uppar and Owned by: B.Ramesh Uppar, ,Printed at : SHREESHAILA PRINTERS, Eranna Gudi Opposite Road,
Eslampur, Gangavathi-581227 Koppal Dist. Karnataka. ,Published at : At Ward. No.21, Sadashiva Nagara, Near K.S.V. Rice Mill, B.M. Saw Mill, Siruguppa-583121 Dist.
Bellary, Karnataka Editor : B.Ramesh Uppar
